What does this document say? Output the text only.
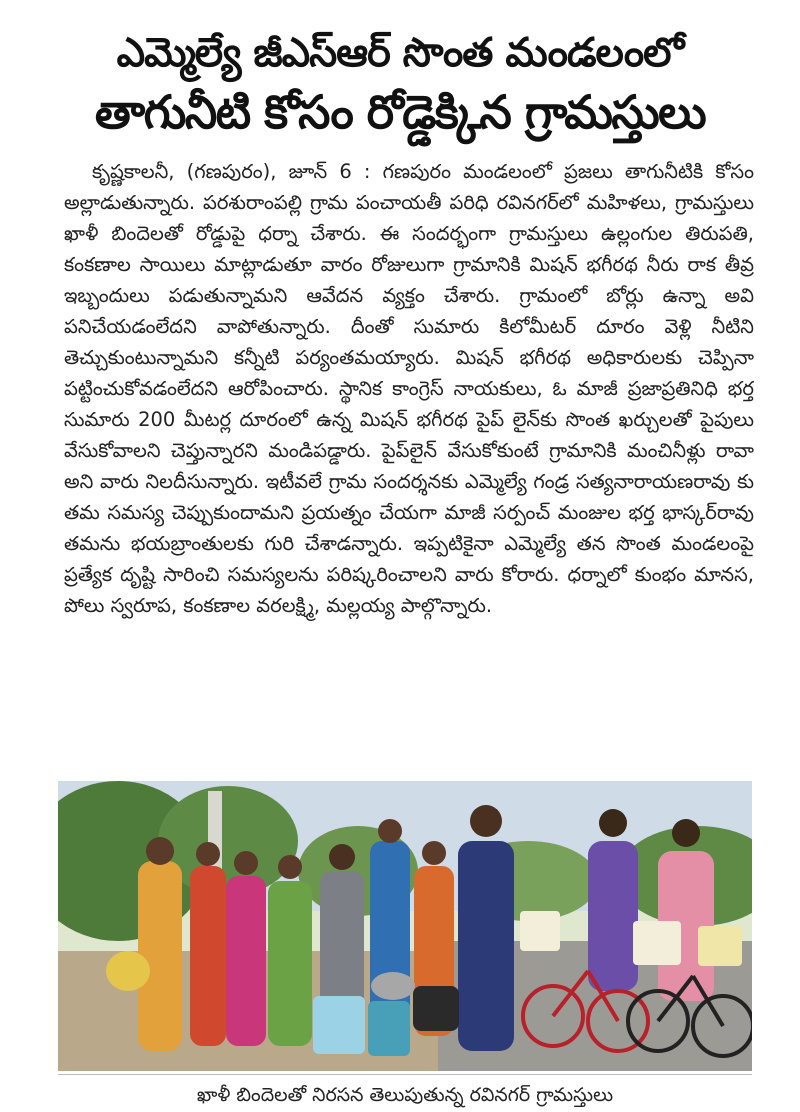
ఎమ్మెల్యే జీఎస్ఆర్ సొంత మండలంలో
తాగునీటి కోసం రోడ్డెక్కిన గ్రామస్తులు
కృష్ణకాలనీ, (గణపురం), జూన్ 6 : గణపురం మండలంలో ప్రజలు తాగునీటికి కోసం అల్లాడుతున్నారు. పరశురాంపల్లి గ్రామ పంచాయతీ పరిధి రవినగర్‌లో మహిళలు, గ్రామస్తులు ఖాళీ బిందెలతో రోడ్డుపై ధర్నా చేశారు. ఈ సందర్భంగా గ్రామస్తులు ఉల్లంగుల తిరుపతి, కంకణాల సాయిలు మాట్లాడుతూ వారం రోజులుగా గ్రామానికి మిషన్ భగీరథ నీరు రాక తీవ్ర ఇబ్బందులు పడుతున్నామని ఆవేదన వ్యక్తం చేశారు. గ్రామంలో బోర్లు ఉన్నా అవి పనిచేయడంలేదని వాపోతున్నారు. దీంతో సుమారు కిలోమీటర్ దూరం వెళ్లి నీటిని తెచ్చుకుంటున్నామని కన్నీటి పర్యంతమయ్యారు. మిషన్ భగీరథ అధికారులకు చెప్పినా పట్టించుకోవడంలేదని ఆరోపించారు. స్థానిక కాంగ్రెస్ నాయకులు, ఓ మాజీ ప్రజాప్రతినిధి భర్త సుమారు 200 మీటర్ల దూరంలో ఉన్న మిషన్ భగీరథ పైప్ లైన్‌కు సొంత ఖర్చులతో పైపులు వేసుకోవాలని చెప్తున్నారని మండిపడ్డారు. పైప్‌లైన్ వేసుకోకుంటే గ్రామానికి మంచినీళ్లు రావా అని వారు నిలదీసున్నారు. ఇటీవలే గ్రామ సందర్శనకు ఎమ్మెల్యే గండ్ర సత్యనారాయణరావు కు తమ సమస్య చెప్పుకుందామని ప్రయత్నం చేయగా మాజీ సర్పంచ్ మంజుల భర్త భాస్కర్‌రావు తమను భయబ్రాంతులకు గురి చేశాడన్నారు. ఇప్పటికైనా ఎమ్మెల్యే తన సొంత మండలంపై ప్రత్యేక దృష్టి సారించి సమస్యలను పరిష్కరించాలని వారు కోరారు. ధర్నాలో కుంభం మానస, పోలు స్వరూప, కంకణాల వరలక్ష్మి, మల్లయ్య పాల్గొన్నారు.
ఖాళీ బిందెలతో నిరసన తెలుపుతున్న రవినగర్ గ్రామస్తులు
